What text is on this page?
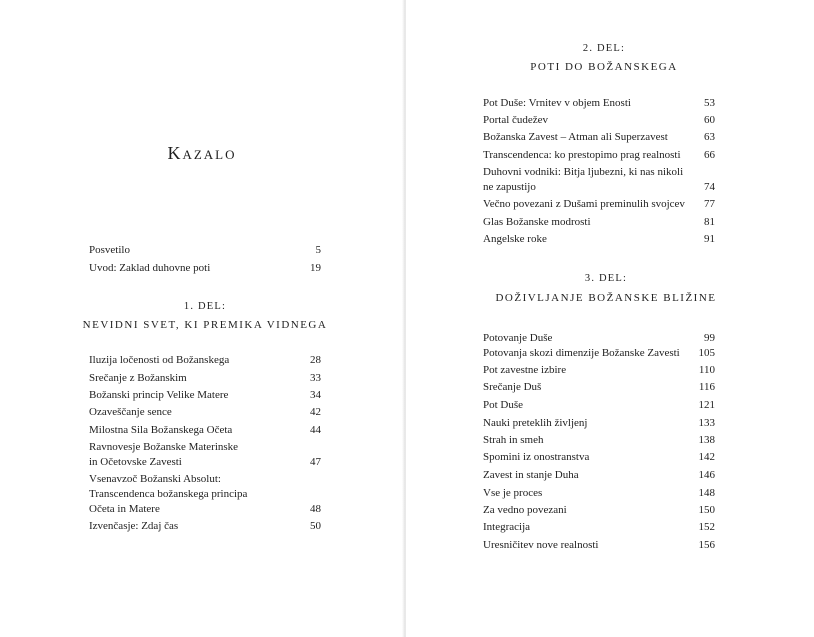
Kazalo
Posvetilo	5
Uvod: Zaklad duhovne poti	19
1. DEL:
NEVIDNI SVET, KI PREMIKA VIDNEGA
Iluzija ločenosti od Božanskega	28
Srečanje z Božanskim	33
Božanski princip Velike Matere	34
Ozaveščanje sence	42
Milostna Sila Božanskega Očeta	44
Ravnovesje Božanske Materinske
in Očetovske Zavesti	47
Vsenavzoč Božanski Absolut:
Transcendenca božanskega principa
Očeta in Matere	48
Izvenčasje: Zdaj čas	50
2. DEL:
POTI DO BOŽANSKEGA
Pot Duše: Vrnitev v objem Enosti	53
Portal čudežev	60
Božanska Zavest – Atman ali Superzavest	63
Transcendenca: ko prestopimo prag realnosti 66
Duhovni vodniki: Bitja ljubezni, ki nas nikoli
ne zapustijo	74
Večno povezani z Dušami preminulih svojcev 77
Glas Božanske modrosti	81
Angelske roke	91
3. DEL:
DOŽIVLJANJE BOŽANSKE BLIŽINE
Potovanje Duše	99
Potovanja skozi dimenzije Božanske Zavesti 105
Pot zavestne izbire	110
Srečanje Duš	116
Pot Duše	121
Nauki preteklih življenj	133
Strah in smeh	138
Spomini iz onostranstva	142
Zavest in stanje Duha	146
Vse je proces	148
Za vedno povezani	150
Integracija	152
Uresničitev nove realnosti	156
